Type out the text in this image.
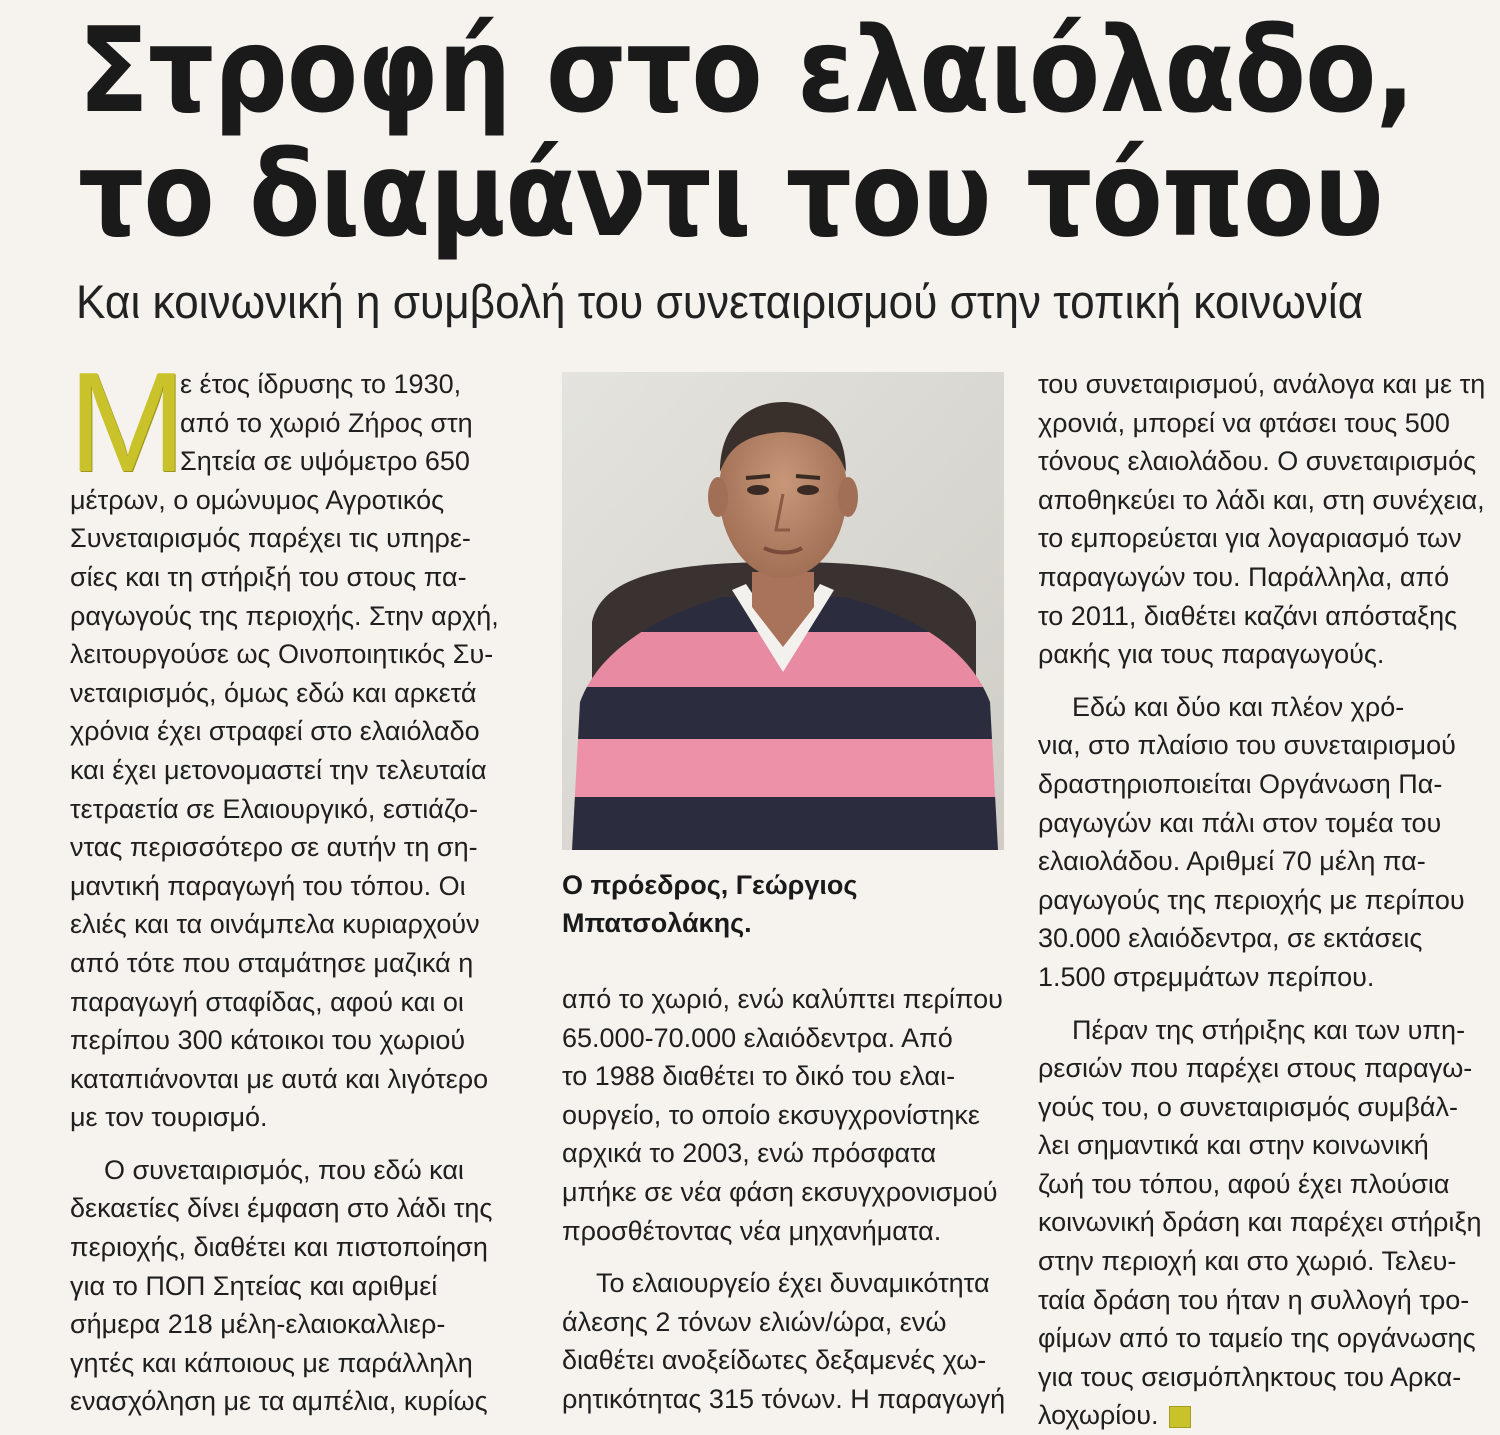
Στροφή στο ελαιόλαδο,
το διαμάντι του τόπου
Και κοινωνική η συμβολή του συνεταιρισμού στην τοπική κοινωνία
Μ
ε έτος ίδρυσης το 1930,
από το χωριό Ζήρος στη
Σητεία σε υψόμετρο 650
μέτρων, ο ομώνυμος Αγροτικός
Συνεταιρισμός παρέχει τις υπηρε-
σίες και τη στήριξή του στους πα-
ραγωγούς της περιοχής. Στην αρχή,
λειτουργούσε ως Οινοποιητικός Συ-
νεταιρισμός, όμως εδώ και αρκετά
χρόνια έχει στραφεί στο ελαιόλαδο
και έχει μετονομαστεί την τελευταία
τετραετία σε Ελαιουργικό, εστιάζο-
ντας περισσότερο σε αυτήν τη ση-
μαντική παραγωγή του τόπου. Οι
ελιές και τα οινάμπελα κυριαρχούν
από τότε που σταμάτησε μαζικά η
παραγωγή σταφίδας, αφού και οι
περίπου 300 κάτοικοι του χωριού
καταπιάνονται με αυτά και λιγότερο
με τον τουρισμό.
Ο συνεταιρισμός, που εδώ και
δεκαετίες δίνει έμφαση στο λάδι της
περιοχής, διαθέτει και πιστοποίηση
για το ΠΟΠ Σητείας και αριθμεί
σήμερα 218 μέλη-ελαιοκαλλιερ-
γητές και κάποιους με παράλληλη
ενασχόληση με τα αμπέλια, κυρίως
Ο πρόεδρος, Γεώργιος
Μπατσολάκης.
από το χωριό, ενώ καλύπτει περίπου
65.000-70.000 ελαιόδεντρα. Από
το 1988 διαθέτει το δικό του ελαι-
ουργείο, το οποίο εκσυγχρονίστηκε
αρχικά το 2003, ενώ πρόσφατα
μπήκε σε νέα φάση εκσυγχρονισμού
προσθέτοντας νέα μηχανήματα.
Το ελαιουργείο έχει δυναμικότητα
άλεσης 2 τόνων ελιών/ώρα, ενώ
διαθέτει ανοξείδωτες δεξαμενές χω-
ρητικότητας 315 τόνων. Η παραγωγή
του συνεταιρισμού, ανάλογα και με τη
χρονιά, μπορεί να φτάσει τους 500
τόνους ελαιολάδου. Ο συνεταιρισμός
αποθηκεύει το λάδι και, στη συνέχεια,
το εμπορεύεται για λογαριασμό των
παραγωγών του. Παράλληλα, από
το 2011, διαθέτει καζάνι απόσταξης
ρακής για τους παραγωγούς.
Εδώ και δύο και πλέον χρό-
νια, στο πλαίσιο του συνεταιρισμού
δραστηριοποιείται Οργάνωση Πα-
ραγωγών και πάλι στον τομέα του
ελαιολάδου. Αριθμεί 70 μέλη πα-
ραγωγούς της περιοχής με περίπου
30.000 ελαιόδεντρα, σε εκτάσεις
1.500 στρεμμάτων περίπου.
Πέραν της στήριξης και των υπη-
ρεσιών που παρέχει στους παραγω-
γούς του, ο συνεταιρισμός συμβάλ-
λει σημαντικά και στην κοινωνική
ζωή του τόπου, αφού έχει πλούσια
κοινωνική δράση και παρέχει στήριξη
στην περιοχή και στο χωριό. Τελευ-
ταία δράση του ήταν η συλλογή τρο-
φίμων από το ταμείο της οργάνωσης
για τους σεισμόπληκτους του Αρκα-
λοχωρίου.
